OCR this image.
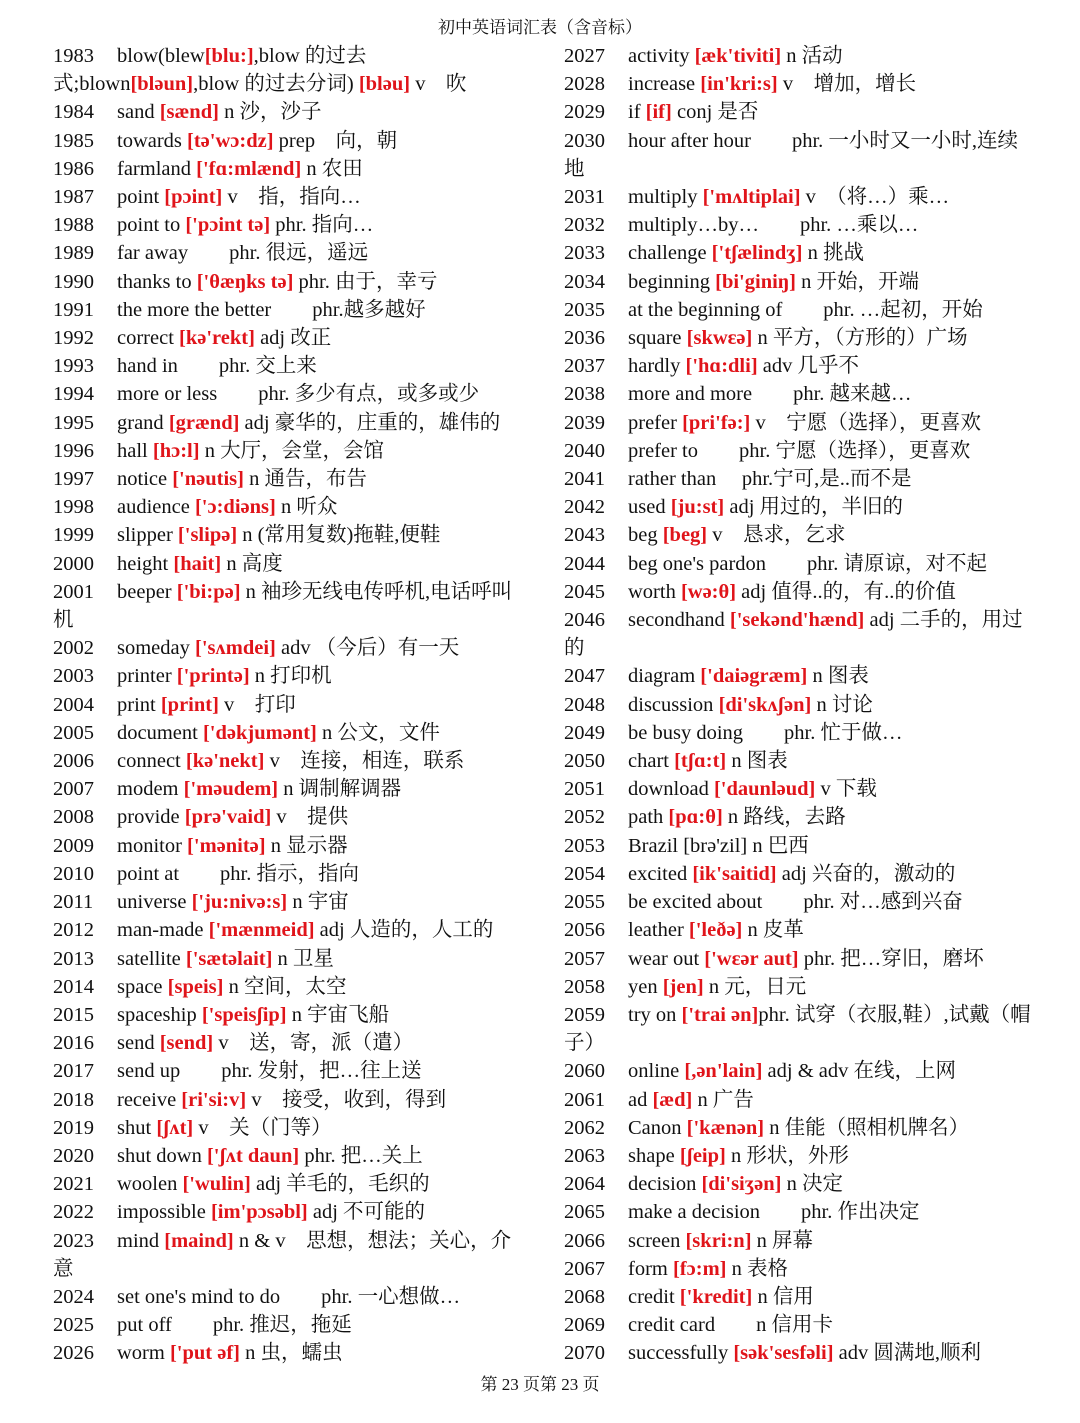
初中英语词汇表（含音标）
1983 blow(blew[blu:],blow 的过去式;blown[bləun],blow 的过去分词) [bləu] v　吹
1984 sand [sænd] n 沙，沙子
1985 towards [tə'wɔ:dz] prep　向，朝
1986 farmland ['fɑ:mlænd] n 农田
1987 point [pɔint] v　指，指向…
1988 point to ['pɔint tə] phr. 指向…
1989 far away　　phr. 很远，遥远
1990 thanks to ['θæŋks tə] phr. 由于，幸亏
1991 the more the better　　phr.越多越好
1992 correct [kə'rekt] adj 改正
1993 hand in　　phr. 交上来
1994 more or less　　phr. 多少有点，或多或少
1995 grand [grænd] adj 豪华的，庄重的，雄伟的
1996 hall [hɔ:l] n 大厅，会堂，会馆
1997 notice ['nəutis] n 通告，布告
1998 audience ['ɔ:diəns] n 听众
1999 slipper ['slipə] n (常用复数)拖鞋,便鞋
2000 height [hait] n 高度
2001 beeper ['bi:pə] n 袖珍无线电传呼机,电话呼叫机
2002 someday ['sʌmdei] adv （今后）有一天
2003 printer ['printə] n 打印机
2004 print [print] v　打印
2005 document ['dəkjumənt] n 公文，文件
2006 connect [kə'nekt] v　连接，相连，联系
2007 modem ['məudem] n 调制解调器
2008 provide [prə'vaid] v　提供
2009 monitor ['mənitə] n 显示器
2010 point at　　phr. 指示，指向
2011 universe ['ju:nivə:s] n 宇宙
2012 man-made ['mænmeid] adj 人造的，人工的
2013 satellite ['sætəlait] n 卫星
2014 space [speis] n 空间，太空
2015 spaceship ['speisʃip] n 宇宙飞船
2016 send [send] v　送，寄，派（遣）
2017 send up　　phr. 发射，把…往上送
2018 receive [ri'si:v] v　接受，收到，得到
2019 shut [ʃʌt] v　关（门等）
2020 shut down ['ʃʌt daun] phr. 把…关上
2021 woolen ['wulin] adj 羊毛的，毛织的
2022 impossible [im'pɔsəbl] adj 不可能的
2023 mind [maind] n & v　思想，想法；关心，介意
2024 set one's mind to do　　phr. 一心想做…
2025 put off　　phr. 推迟，拖延
2026 worm ['put əf] n 虫，蠕虫
2027 activity [æk'tiviti] n 活动
2028 increase [in'kri:s] v　增加，增长
2029 if [if] conj 是否
2030 hour after hour　　phr. 一小时又一小时,连续地
2031 multiply ['mʌltiplai] v　（将…）乘…
2032 multiply…by…　　phr. …乘以…
2033 challenge ['tʃælindʒ] n 挑战
2034 beginning [bi'giniŋ] n 开始，开端
2035 at the beginning of　　phr. …起初，开始
2036 square [skwɛə] n 平方，（方形的）广场
2037 hardly ['hɑ:dli] adv 几乎不
2038 more and more　　phr. 越来越…
2039 prefer [pri'fə:] v　宁愿（选择），更喜欢
2040 prefer to　　phr. 宁愿（选择），更喜欢
2041 rather than　 phr.宁可,是..而不是
2042 used [ju:st] adj 用过的，半旧的
2043 beg [beg] v　恳求，乞求
2044 beg one's pardon　　phr. 请原谅，对不起
2045 worth [wə:θ] adj 值得..的，有..的价值
2046 secondhand ['sekənd'hænd] adj 二手的，用过的
2047 diagram ['daiəgræm] n 图表
2048 discussion [di'skʌʃən] n 讨论
2049 be busy doing　　phr. 忙于做…
2050 chart [tʃɑ:t] n 图表
2051 download ['daunləud] v 下载
2052 path [pɑ:θ] n 路线，去路
2053 Brazil [brə'zil] n 巴西
2054 excited [ik'saitid] adj 兴奋的，激动的
2055 be excited about　　phr. 对…感到兴奋
2056 leather ['leðə] n 皮革
2057 wear out ['wɛər aut] phr. 把…穿旧，磨坏
2058 yen [jen] n 元，日元
2059 try on ['trai ən]phr. 试穿（衣服,鞋）,试戴（帽子）
2060 online [,ən'lain] adj & adv 在线，上网
2061 ad [æd] n 广告
2062 Canon ['kænən] n 佳能（照相机牌名）
2063 shape [ʃeip] n 形状，外形
2064 decision [di'siʒən] n 决定
2065 make a decision　　phr. 作出决定
2066 screen [skri:n] n 屏幕
2067 form [fɔ:m] n 表格
2068 credit ['kredit] n 信用
2069 credit card　　n 信用卡
2070 successfully [sək'sesfəli] adv 圆满地,顺利
第 23 页第 23 页
